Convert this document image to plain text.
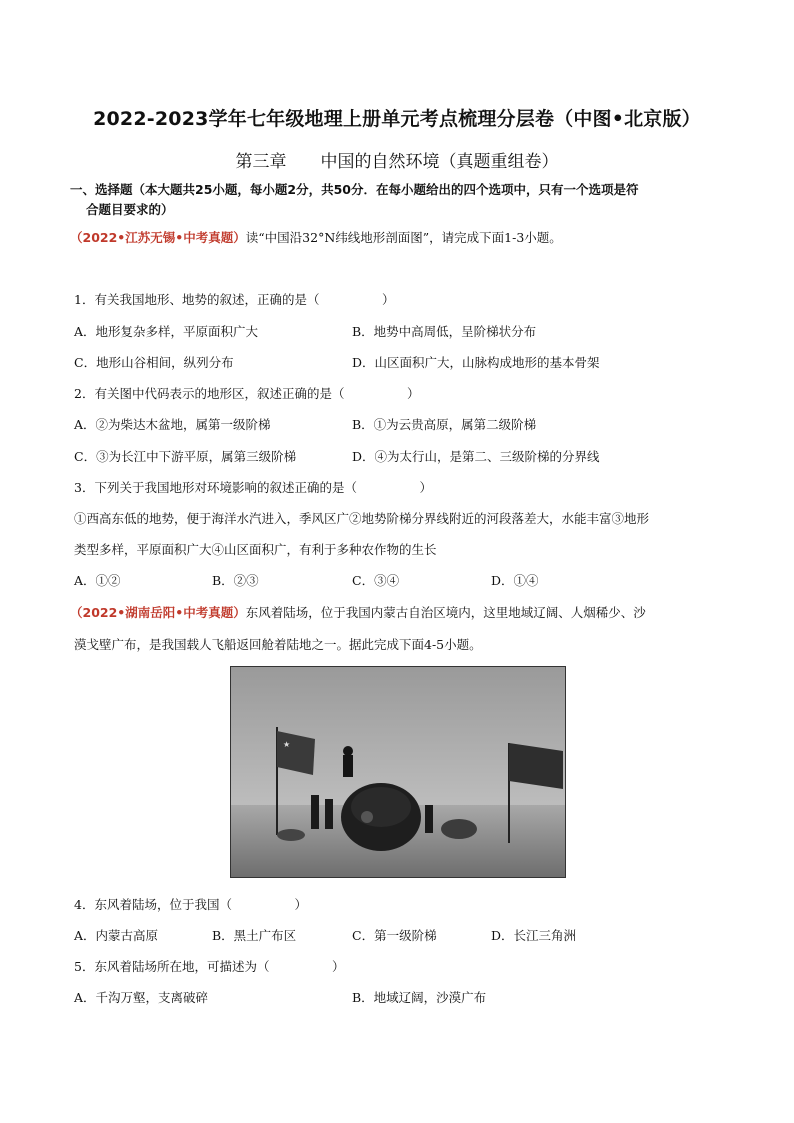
2022-2023学年七年级地理上册单元考点梳理分层卷（中图•北京版）
第三章 中国的自然环境（真题重组卷）
一、选择题（本大题共25小题，每小题2分，共50分．在每小题给出的四个选项中，只有一个选项是符
合题目要求的）
（2022•江苏无锡•中考真题）读“中国沿32°N纬线地形剖面图”，请完成下面1-3小题。
1．有关我国地形、地势的叙述，正确的是（　　　　　）
A．地形复杂多样，平原面积广大	B．地势中高周低，呈阶梯状分布
C．地形山谷相间，纵列分布	D．山区面积广大，山脉构成地形的基本骨架
2．有关图中代码表示的地形区，叙述正确的是（　　　　　）
A．②为柴达木盆地，属第一级阶梯	B．①为云贵高原，属第二级阶梯
C．③为长江中下游平原，属第三级阶梯	D．④为太行山，是第二、三级阶梯的分界线
3．下列关于我国地形对环境影响的叙述正确的是（　　　　　）
①西高东低的地势，便于海洋水汽进入，季风区广②地势阶梯分界线附近的河段落差大，水能丰富③地形
类型多样，平原面积广大④山区面积广，有利于多种农作物的生长
A．①②	B．②③	C．③④	D．①④
（2022•湖南岳阳•中考真题）东风着陆场，位于我国内蒙古自治区境内，这里地域辽阔、人烟稀少、沙
漠戈壁广布，是我国载人飞船返回舱着陆地之一。据此完成下面4-5小题。
★
4．东风着陆场，位于我国（　　　　　）
A．内蒙古高原	B．黑土广布区	C．第一级阶梯	D．长江三角洲
5．东风着陆场所在地，可描述为（　　　　　）
A．千沟万壑，支离破碎	B．地域辽阔，沙漠广布
